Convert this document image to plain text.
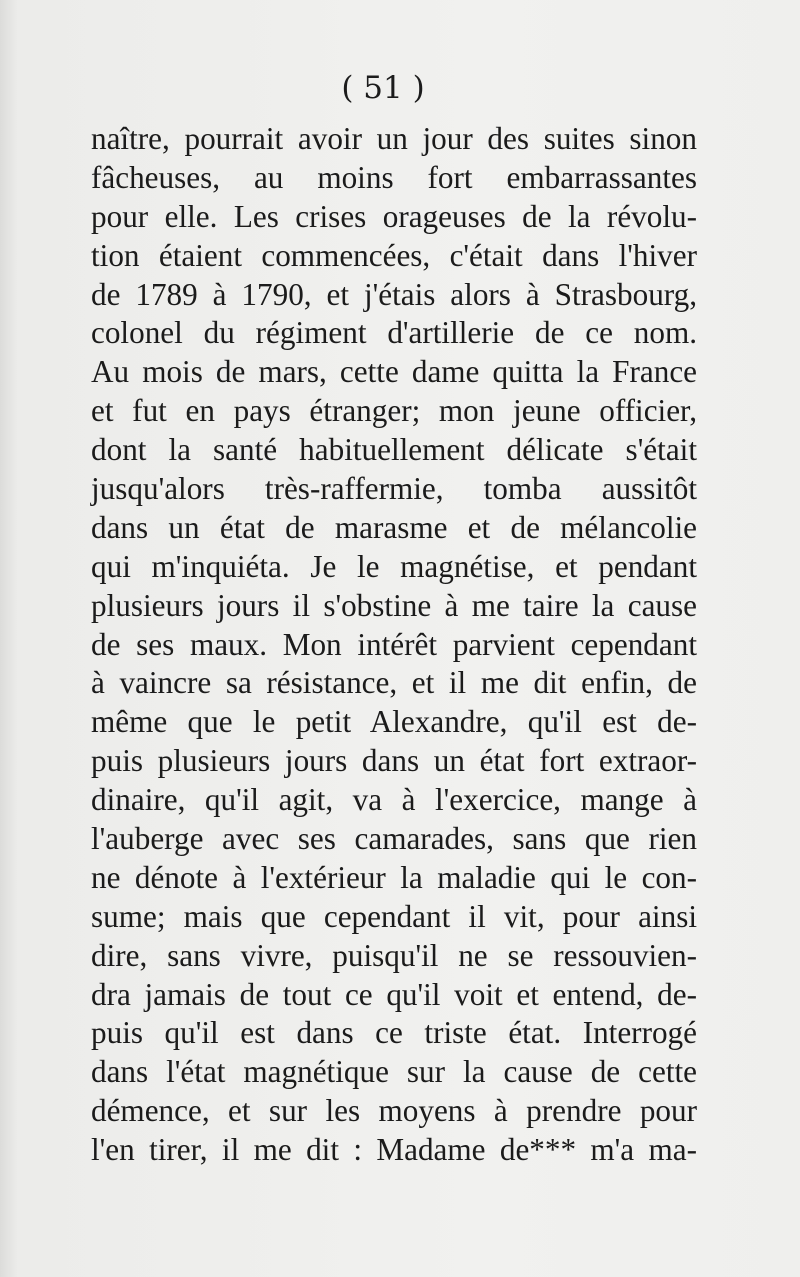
( 51 )
naître, pourrait avoir un jour des suites sinon
fâcheuses, au moins fort embarrassantes
pour elle. Les crises orageuses de la révolu-
tion étaient commencées, c'était dans l'hiver
de 1789 à 1790, et j'étais alors à Strasbourg,
colonel du régiment d'artillerie de ce nom.
Au mois de mars, cette dame quitta la France
et fut en pays étranger; mon jeune officier,
dont la santé habituellement délicate s'était
jusqu'alors très-raffermie, tomba aussitôt
dans un état de marasme et de mélancolie
qui m'inquiéta. Je le magnétise, et pendant
plusieurs jours il s'obstine à me taire la cause
de ses maux. Mon intérêt parvient cependant
à vaincre sa résistance, et il me dit enfin, de
même que le petit Alexandre, qu'il est de-
puis plusieurs jours dans un état fort extraor-
dinaire, qu'il agit, va à l'exercice, mange à
l'auberge avec ses camarades, sans que rien
ne dénote à l'extérieur la maladie qui le con-
sume; mais que cependant il vit, pour ainsi
dire, sans vivre, puisqu'il ne se ressouvien-
dra jamais de tout ce qu'il voit et entend, de-
puis qu'il est dans ce triste état. Interrogé
dans l'état magnétique sur la cause de cette
démence, et sur les moyens à prendre pour
l'en tirer, il me dit : Madame de*** m'a ma-
